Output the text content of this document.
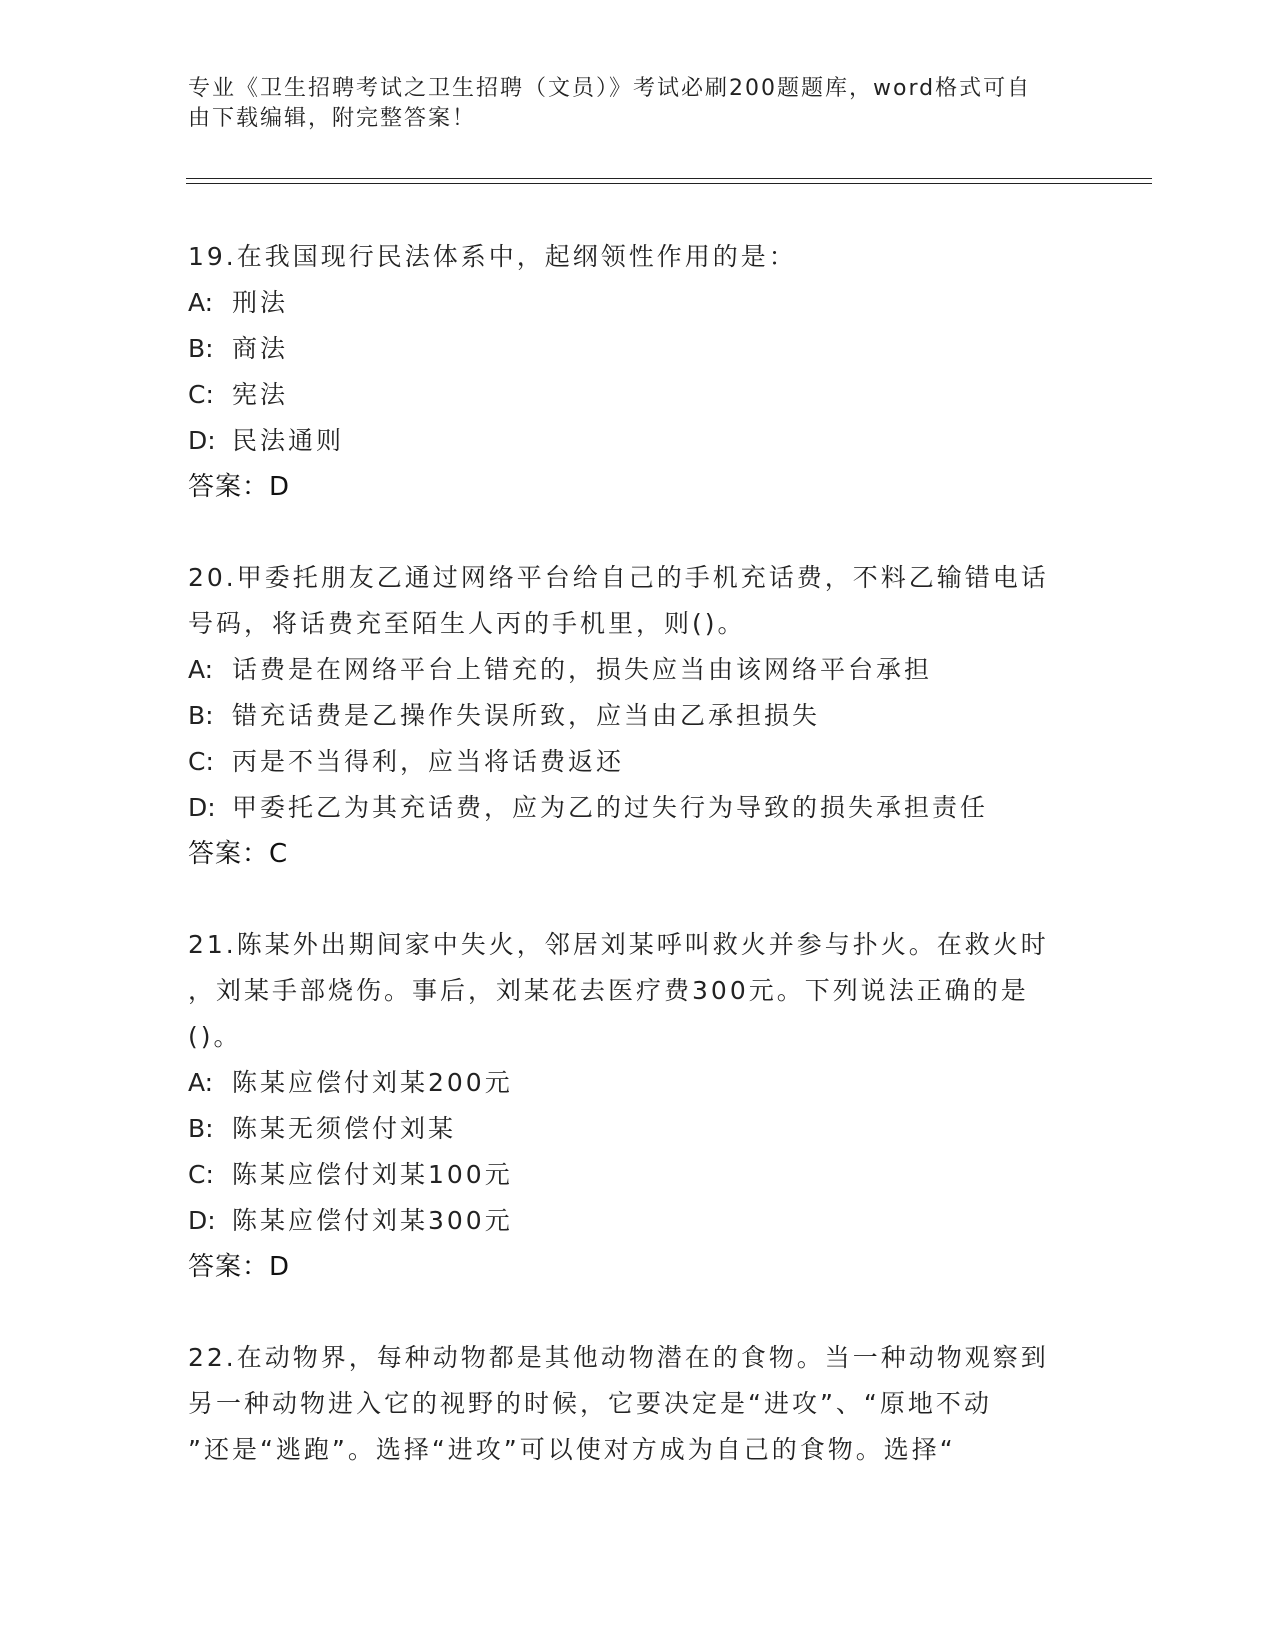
专业《卫生招聘考试之卫生招聘（文员）》考试必刷200题题库，word格式可自
由下载编辑，附完整答案！
19.在我国现行民法体系中，起纲领性作用的是：
A: 刑法
B: 商法
C: 宪法
D: 民法通则
答案：D
20.甲委托朋友乙通过网络平台给自己的手机充话费，不料乙输错电话
号码，将话费充至陌生人丙的手机里，则()。
A: 话费是在网络平台上错充的，损失应当由该网络平台承担
B: 错充话费是乙操作失误所致，应当由乙承担损失
C: 丙是不当得利，应当将话费返还
D: 甲委托乙为其充话费，应为乙的过失行为导致的损失承担责任
答案：C
21.陈某外出期间家中失火，邻居刘某呼叫救火并参与扑火。在救火时
，刘某手部烧伤。事后，刘某花去医疗费300元。下列说法正确的是
()。
A: 陈某应偿付刘某200元
B: 陈某无须偿付刘某
C: 陈某应偿付刘某100元
D: 陈某应偿付刘某300元
答案：D
22.在动物界，每种动物都是其他动物潜在的食物。当一种动物观察到
另一种动物进入它的视野的时候，它要决定是“进攻”、“原地不动
”还是“逃跑”。选择“进攻”可以使对方成为自己的食物。选择“
